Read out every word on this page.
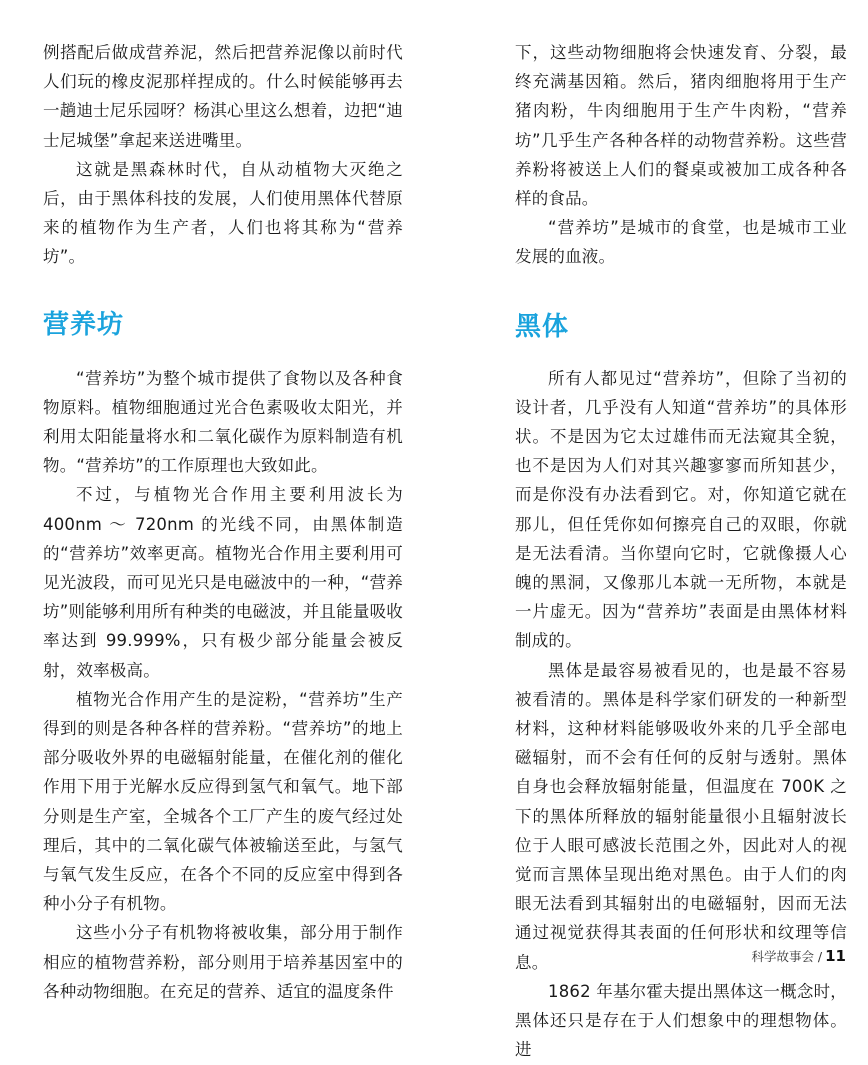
例搭配后做成营养泥，然后把营养泥像以前时代人们玩的橡皮泥那样捏成的。什么时候能够再去一趟迪士尼乐园呀？杨淇心里这么想着，边把“迪士尼城堡”拿起来送进嘴里。

这就是黑森林时代，自从动植物大灭绝之后，由于黑体科技的发展，人们使用黑体代替原来的植物作为生产者，人们也将其称为“营养坊”。

营养坊

“营养坊”为整个城市提供了食物以及各种食物原料。植物细胞通过光合色素吸收太阳光，并利用太阳能量将水和二氧化碳作为原料制造有机物。“营养坊”的工作原理也大致如此。

不过，与植物光合作用主要利用波长为400nm ～ 720nm 的光线不同，由黑体制造的“营养坊”效率更高。植物光合作用主要利用可见光波段，而可见光只是电磁波中的一种，“营养坊”则能够利用所有种类的电磁波，并且能量吸收率达到 99.999%，只有极少部分能量会被反射，效率极高。

植物光合作用产生的是淀粉，“营养坊”生产得到的则是各种各样的营养粉。“营养坊”的地上部分吸收外界的电磁辐射能量，在催化剂的催化作用下用于光解水反应得到氢气和氧气。地下部分则是生产室，全城各个工厂产生的废气经过处理后，其中的二氧化碳气体被输送至此，与氢气与氧气发生反应，在各个不同的反应室中得到各种小分子有机物。

这些小分子有机物将被收集，部分用于制作相应的植物营养粉，部分则用于培养基因室中的各种动物细胞。在充足的营养、适宜的温度条件

下，这些动物细胞将会快速发育、分裂，最终充满基因箱。然后，猪肉细胞将用于生产猪肉粉，牛肉细胞用于生产牛肉粉，“营养坊”几乎生产各种各样的动物营养粉。这些营养粉将被送上人们的餐桌或被加工成各种各样的食品。

“营养坊”是城市的食堂，也是城市工业发展的血液。

黑体

所有人都见过“营养坊”，但除了当初的设计者，几乎没有人知道“营养坊”的具体形状。不是因为它太过雄伟而无法窥其全貌，也不是因为人们对其兴趣寥寥而所知甚少，而是你没有办法看到它。对，你知道它就在那儿，但任凭你如何擦亮自己的双眼，你就是无法看清。当你望向它时，它就像摄人心魄的黑洞，又像那儿本就一无所物，本就是一片虚无。因为“营养坊”表面是由黑体材料制成的。

黑体是最容易被看见的，也是最不容易被看清的。黑体是科学家们研发的一种新型材料，这种材料能够吸收外来的几乎全部电磁辐射，而不会有任何的反射与透射。黑体自身也会释放辐射能量，但温度在 700K 之下的黑体所释放的辐射能量很小且辐射波长位于人眼可感波长范围之外，因此对人的视觉而言黑体呈现出绝对黑色。由于人们的肉眼无法看到其辐射出的电磁辐射，因而无法通过视觉获得其表面的任何形状和纹理等信息。

1862 年基尔霍夫提出黑体这一概念时，黑体还只是存在于人们想象中的理想物体。进

科学故事会 / 11
